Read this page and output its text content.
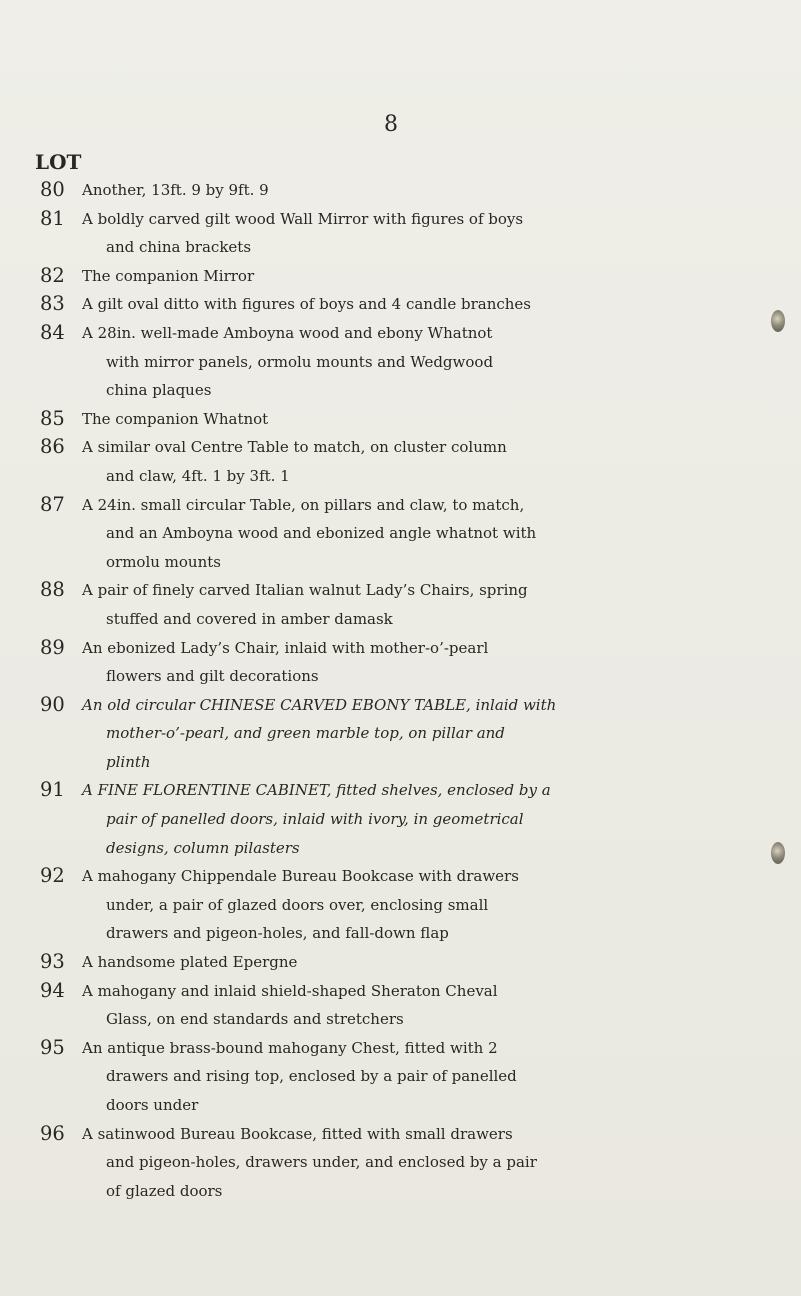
8
LOT
80	Another, 13ft. 9 by 9ft. 9
81	A boldly carved gilt wood Wall Mirror with figures of boys
and china brackets
82	The companion Mirror
83	A gilt oval ditto with figures of boys and 4 candle branches
84	A 28in. well-made Amboyna wood and ebony Whatnot
with mirror panels, ormolu mounts and Wedgwood
china plaques
85	The companion Whatnot
86	A similar oval Centre Table to match, on cluster column
and claw, 4ft. 1 by 3ft. 1
87	A 24in. small circular Table, on pillars and claw, to match,
and an Amboyna wood and ebonized angle whatnot with
ormolu mounts
88	A pair of finely carved Italian walnut Lady’s Chairs, spring
stuffed and covered in amber damask
89	An ebonized Lady’s Chair, inlaid with mother-o’-pearl
flowers and gilt decorations
90	An old circular CHINESE CARVED EBONY TABLE, inlaid with
mother-o’-pearl, and green marble top, on pillar and
plinth
91	A FINE FLORENTINE CABINET, fitted shelves, enclosed by a
pair of panelled doors, inlaid with ivory, in geometrical
designs, column pilasters
92	A mahogany Chippendale Bureau Bookcase with drawers
under, a pair of glazed doors over, enclosing small
drawers and pigeon-holes, and fall-down flap
93	A handsome plated Epergne
94	A mahogany and inlaid shield-shaped Sheraton Cheval
Glass, on end standards and stretchers
95	An antique brass-bound mahogany Chest, fitted with 2
drawers and rising top, enclosed by a pair of panelled
doors under
96	A satinwood Bureau Bookcase, fitted with small drawers
and pigeon-holes, drawers under, and enclosed by a pair
of glazed doors
